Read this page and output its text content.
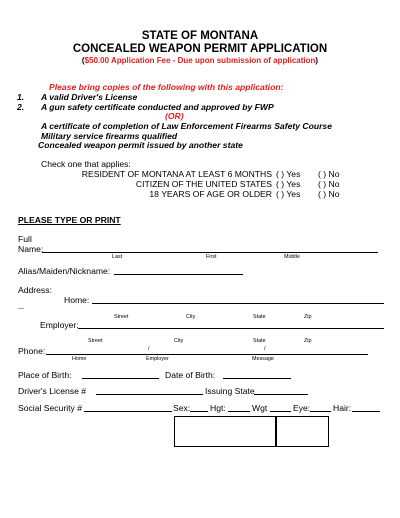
STATE OF MONTANA
CONCEALED WEAPON PERMIT APPLICATION
($50.00 Application Fee - Due upon submission of application)
Please bring copies of the following with this application:
1. A valid Driver's License
2. A gun safety certificate conducted and approved by FWP
(OR)
A certificate of completion of Law Enforcement Firearms Safety Course
Military service firearms qualified
Concealed weapon permit issued by another state
Check one that applies:
RESIDENT OF MONTANA AT LEAST 6 MONTHS ( ) Yes ( ) No
CITIZEN OF THE UNITED STATES ( ) Yes ( ) No
18 YEARS OF AGE OR OLDER ( ) Yes ( ) No
PLEASE TYPE OR PRINT
Full
Name:
Last	First	Middle
Alias/Maiden/Nickname:
Address:
Home:
__
Street	City	State	Zip
Employer:
Street	City	State	Zip
Phone:	/	/
Home	Employer	Message
Place of Birth:	Date of Birth:
Driver's License #	Issuing State
Social Security #	Sex: Hgt:	Wgt	Eye:	Hair:
